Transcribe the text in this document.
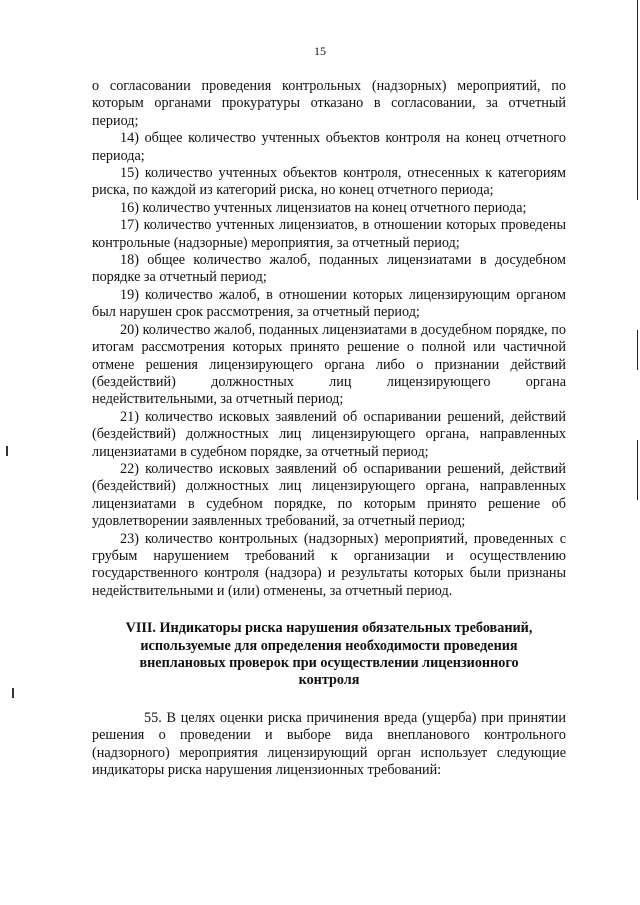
15

о согласовании проведения контрольных (надзорных) мероприятий, по которым органами прокуратуры отказано в согласовании, за отчетный период;

14) общее количество учтенных объектов контроля на конец отчетного периода;

15) количество учтенных объектов контроля, отнесенных к категориям риска, по каждой из категорий риска, но конец отчетного периода;

16) количество учтенных лицензиатов на конец отчетного периода;

17) количество учтенных лицензиатов, в отношении которых проведены контрольные (надзорные) мероприятия, за отчетный период;

18) общее количество жалоб, поданных лицензиатами в досудебном порядке за отчетный период;

19) количество жалоб, в отношении которых лицензирующим органом был нарушен срок рассмотрения, за отчетный период;

20) количество жалоб, поданных лицензиатами в досудебном порядке, по итогам рассмотрения которых принято решение о полной или частичной отмене решения лицензирующего органа либо о признании действий (бездействий) должностных лиц лицензирующего органа недействительными, за отчетный период;

21) количество исковых заявлений об оспаривании решений, действий (бездействий) должностных лиц лицензирующего органа, направленных лицензиатами в судебном порядке, за отчетный период;

22) количество исковых заявлений об оспаривании решений, действий (бездействий) должностных лиц лицензирующего органа, направленных лицензиатами в судебном порядке, по которым принято решение об удовлетворении заявленных требований, за отчетный период;

23) количество контрольных (надзорных) мероприятий, проведенных с грубым нарушением требований к организации и осуществлению государственного контроля (надзора) и результаты которых были признаны недействительными и (или) отменены, за отчетный период.

VIII. Индикаторы риска нарушения обязательных требований, используемые для определения необходимости проведения внеплановых проверок при осуществлении лицензионного контроля

55. В целях оценки риска причинения вреда (ущерба) при принятии решения о проведении и выборе вида внепланового контрольного (надзорного) мероприятия лицензирующий орган использует следующие индикаторы риска нарушения лицензионных требований:
